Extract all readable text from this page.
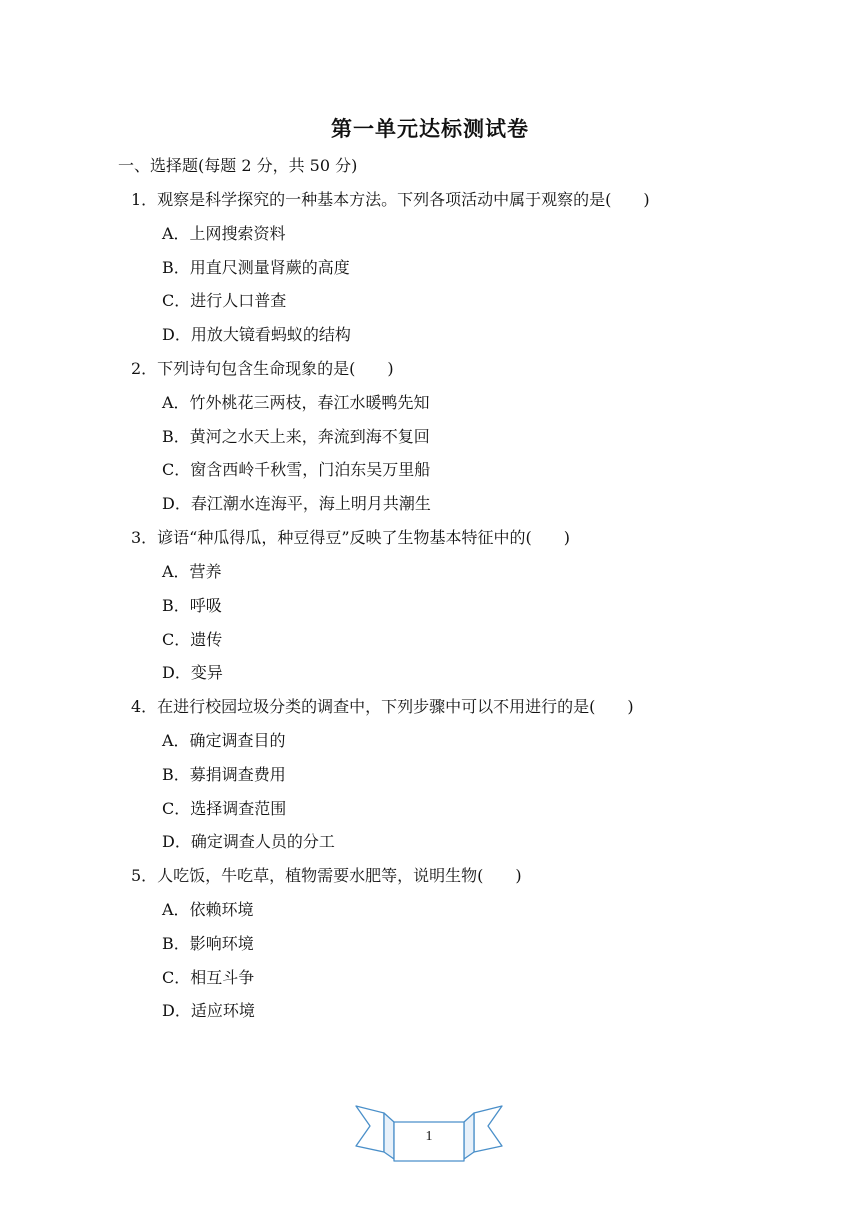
第一单元达标测试卷
一、选择题(每题 2 分，共 50 分)
1．观察是科学探究的一种基本方法。下列各项活动中属于观察的是(　　)
A．上网搜索资料
B．用直尺测量肾蕨的高度
C．进行人口普查
D．用放大镜看蚂蚁的结构
2．下列诗句包含生命现象的是(　　)
A．竹外桃花三两枝，春江水暖鸭先知
B．黄河之水天上来，奔流到海不复回
C．窗含西岭千秋雪，门泊东吴万里船
D．春江潮水连海平，海上明月共潮生
3．谚语“种瓜得瓜，种豆得豆”反映了生物基本特征中的(　　)
A．营养
B．呼吸
C．遗传
D．变异
4．在进行校园垃圾分类的调查中，下列步骤中可以不用进行的是(　　)
A．确定调查目的
B．募捐调查费用
C．选择调查范围
D．确定调查人员的分工
5．人吃饭，牛吃草，植物需要水肥等，说明生物(　　)
A．依赖环境
B．影响环境
C．相互斗争
D．适应环境
1
